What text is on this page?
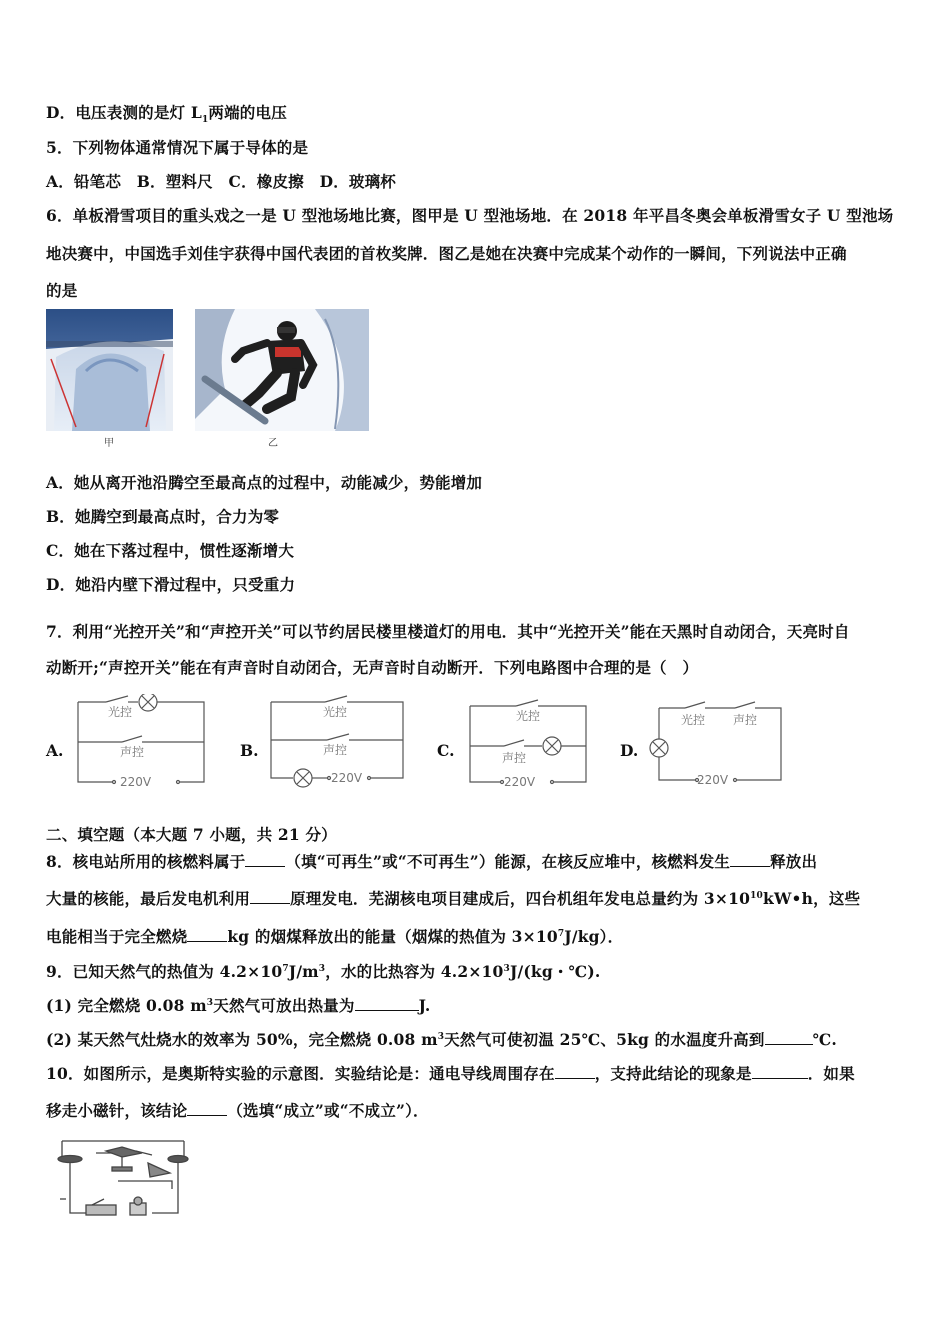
D．电压表测的是灯 $L_1$两端的电压
5．下列物体通常情况下属于导体的是
A．铅笔芯　B．塑料尺　C．橡皮擦　D．玻璃杯
6．单板滑雪项目的重头戏之一是 U 型池场地比赛，图甲是 U 型池场地．在 2018 年平昌冬奥会单板滑雪女子 U 型池场
地决赛中，中国选手刘佳宇获得中国代表团的首枚奖牌．图乙是她在决赛中完成某个动作的一瞬间，下列说法中正确
的是
甲	乙
A．她从离开池沿腾空至最高点的过程中，动能减少，势能增加
B．她腾空到最高点时，合力为零
C．她在下落过程中，惯性逐渐增大
D．她沿内壁下滑过程中，只受重力
7．利用“光控开关”和“声控开关”可以节约居民楼里楼道灯的用电．其中“光控开关”能在天黑时自动闭合，天亮时自
动断开;“声控开关”能在有声音时自动闭合，无声音时自动断开．下列电路图中合理的是（　）
A.
光控
声控
220V
B.
光控
声控
220V
C.
光控
声控
220V
D.
光控 声控
220V
二、填空题（本大题 7 小题，共 21 分）
8．核电站所用的核燃料属于	（填“可再生”或“不可再生”）能源，在核反应堆中，核燃料发生	释放出
大量的核能，最后发电机利用	原理发电．芜湖核电项目建成后，四台机组年发电总量约为 $3\times 10^{10}kW•h$，这些
电能相当于完全燃烧	kg 的烟煤释放出的能量（烟煤的热值为 $3\times 10^7J/kg$）．
9．已知天然气的热值为 $4.2\times 10^7J/m^3$，水的比热容为 $4.2\times 10^3J/(kg$・℃).
(1) 完全燃烧 0.08 $m^3$天然气可放出热量为	J.
(2) 某天然气灶烧水的效率为 50%，完全燃烧 0.08 $m^3$天然气可使初温 25℃、5kg 的水温度升高到	℃.
10．如图所示，是奥斯特实验的示意图．实验结论是：通电导线周围存在	，支持此结论的现象是	．如果
移走小磁针，该结论	（选填“成立”或“不成立”）．
